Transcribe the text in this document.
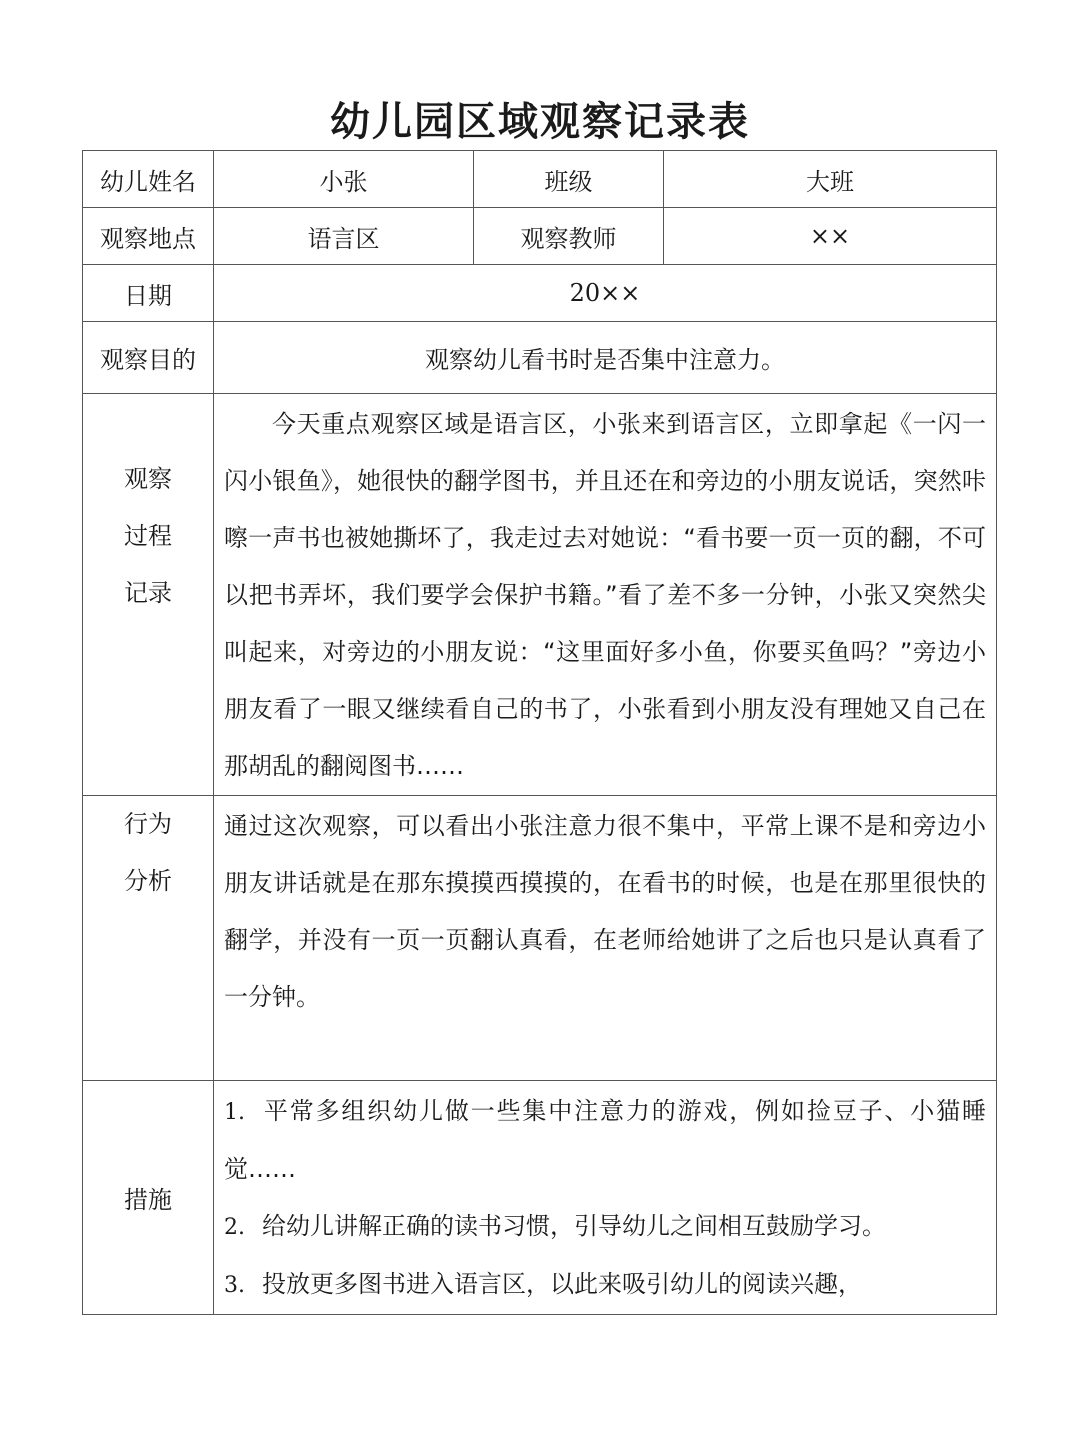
幼儿园区域观察记录表
幼儿姓名	小张	班级	大班
观察地点	语言区	观察教师	××
日期	20××		
观察目的	观察幼儿看书时是否集中注意力。		

观察
过程
记录	今天重点观察区域是语言区，小张来到语言区，立即拿起《一闪一闪小银鱼》，她很快的翻学图书，并且还在和旁边的小朋友说话，突然咔嚓一声书也被她撕坏了，我走过去对她说：“看书要一页一页的翻，不可以把书弄坏，我们要学会保护书籍。”看了差不多一分钟，小张又突然尖叫起来，对旁边的小朋友说：“这里面好多小鱼，你要买鱼吗？”旁边小朋友看了一眼又继续看自己的书了，小张看到小朋友没有理她又自己在那胡乱的翻阅图书……		

行为
分析	通过这次观察，可以看出小张注意力很不集中，平常上课不是和旁边小朋友讲话就是在那东摸摸西摸摸的，在看书的时候，也是在那里很快的翻学，并没有一页一页翻认真看，在老师给她讲了之后也只是认真看了一分钟。		

措施	1. 平常多组织幼儿做一些集中注意力的游戏，例如捡豆子、小猫睡觉……
2. 给幼儿讲解正确的读书习惯，引导幼儿之间相互鼓励学习。
3. 投放更多图书进入语言区，以此来吸引幼儿的阅读兴趣，		
